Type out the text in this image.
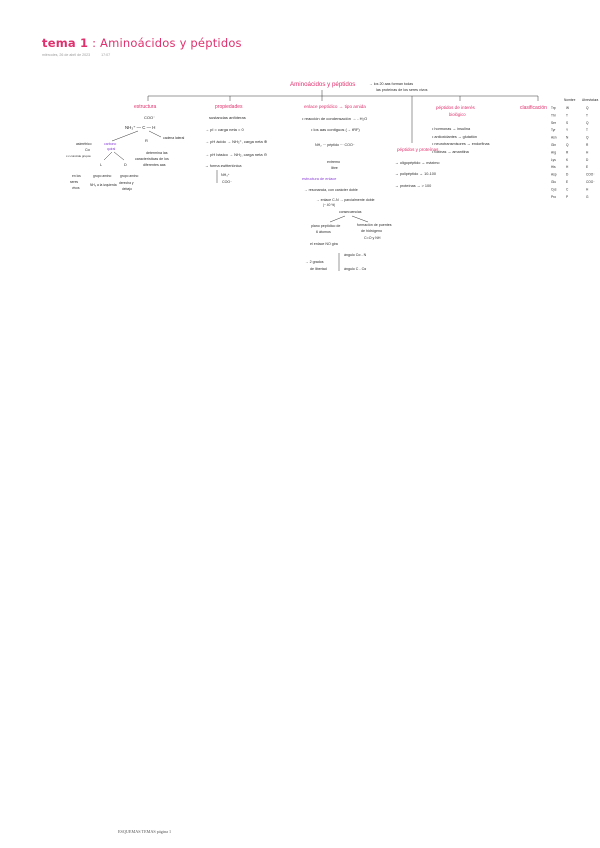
tema 1 : Aminoácidos y péptidos
miércoles, 26 de abril de 2023	17:07
Aminoácidos y péptidos	→ los 20 aas forman todas
las proteínas de los seres vivos
estructura
COO⁻
NH₃⁺ — C — H
R	cadena lateral
asimétrico	carbono
quiral
Cα
c.c.coincide grupos
L	D
en los
seres
vivos
grupo amino
NH₃ a la izquierda
grupo amino
derecha y
debajo
determina las
características de los
diferentes aas
propiedades
sustancias anfóteras
→ pI = carga neta = 0
→ pH ácido → NH₃⁺, carga neta ⊕
→ pH básico → NH₂, carga neta ⊖
→ forma zwitteriónica
NH₃⁺
COO⁻
enlace peptídico → tipo amida
• reacción de condensación → - H₂O
• los aas contiguos (→ tRF)
NH₂ ··· péptido ··· COO⁻
extremo
libre
estructura de enlace
→ resonancia, con carácter doble
→ enlace C-N → parcialmente doble
(~ 40 %)
consecuencias
plano peptídico de
6 átomos
el enlace NO gira
formación de puentes
de hidrógeno
C=O y NH
→ 2 grados
de libertad
ángulo Cα - N
ángulo C - Cα
péptidos y proteínas
→ oligopéptido → máximo
→ polipéptido → 10-100
→ proteínas → > 100
péptidos de interés
biológico
• hormonas → insulina
• antioxidantes → glutatión
• neurotransmisores → endorfinas
• toxinas → amanitina
clasificación
Nombre Abreviatura
Trp	W	Q
Thr	T	T
Ser	S	Q
Tyr	Y	T
Asn	N	Q
Gln	Q	R
Arg	R	H
Lys	K	D
His	H	E
Asp	D	COO⁻
Glu	E	COO⁻
Cys	C	H
Pro	P	G
ESQUEMAS TEMAS página 1
